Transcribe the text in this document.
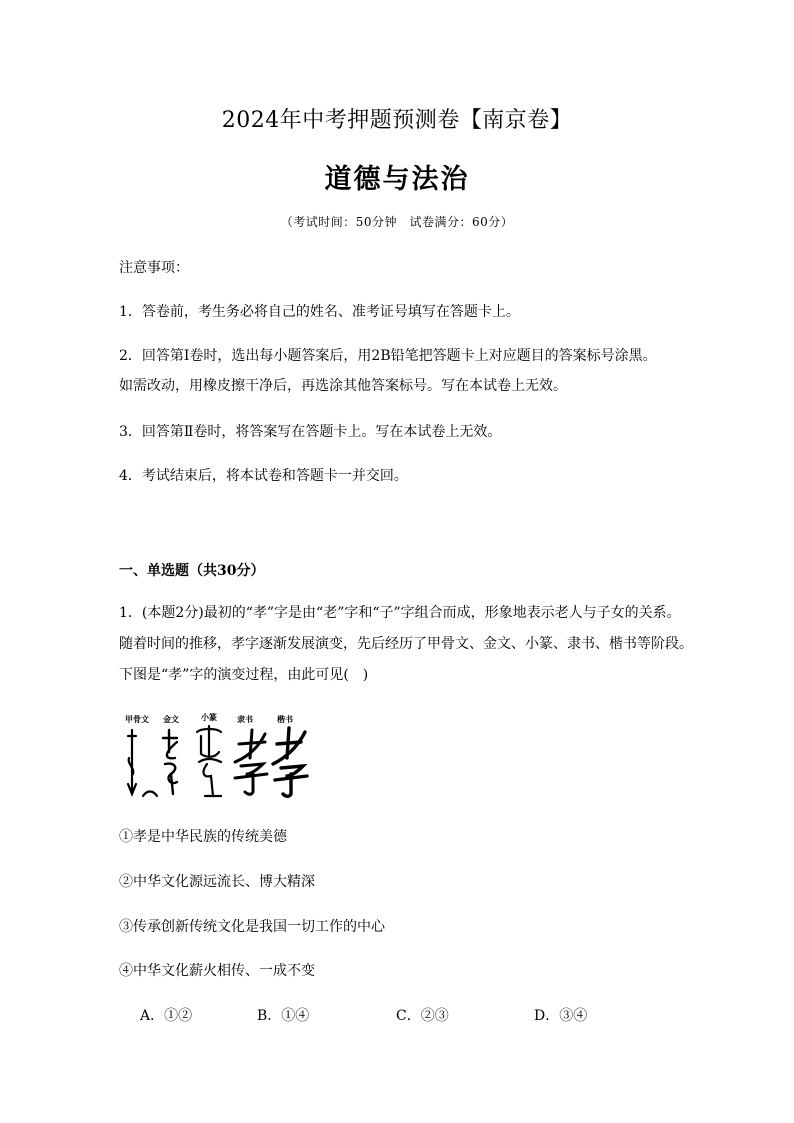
2024年中考押题预测卷【南京卷】
道德与法治
（考试时间：50分钟　试卷满分：60分）
注意事项：
1．答卷前，考生务必将自己的姓名、准考证号填写在答题卡上。
2．回答第Ⅰ卷时，选出每小题答案后，用2B铅笔把答题卡上对应题目的答案标号涂黑。
如需改动，用橡皮擦干净后，再选涂其他答案标号。写在本试卷上无效。
3．回答第Ⅱ卷时，将答案写在答题卡上。写在本试卷上无效。
4．考试结束后，将本试卷和答题卡一并交回。
一、单选题（共30分）
1．(本题2分)最初的“孝”字是由“老”字和“子”字组合而成，形象地表示老人与子女的关系。
随着时间的推移，孝字逐渐发展演变，先后经历了甲骨文、金文、小篆、隶书、楷书等阶段。
下图是“孝”字的演变过程，由此可见(　)
甲骨文 金文	小篆	隶书	楷书
①孝是中华民族的传统美德
②中华文化源远流长、博大精深
③传承创新传统文化是我国一切工作的中心
④中华文化薪火相传、一成不变
A．①②	B．①④	C．②③	D．③④
